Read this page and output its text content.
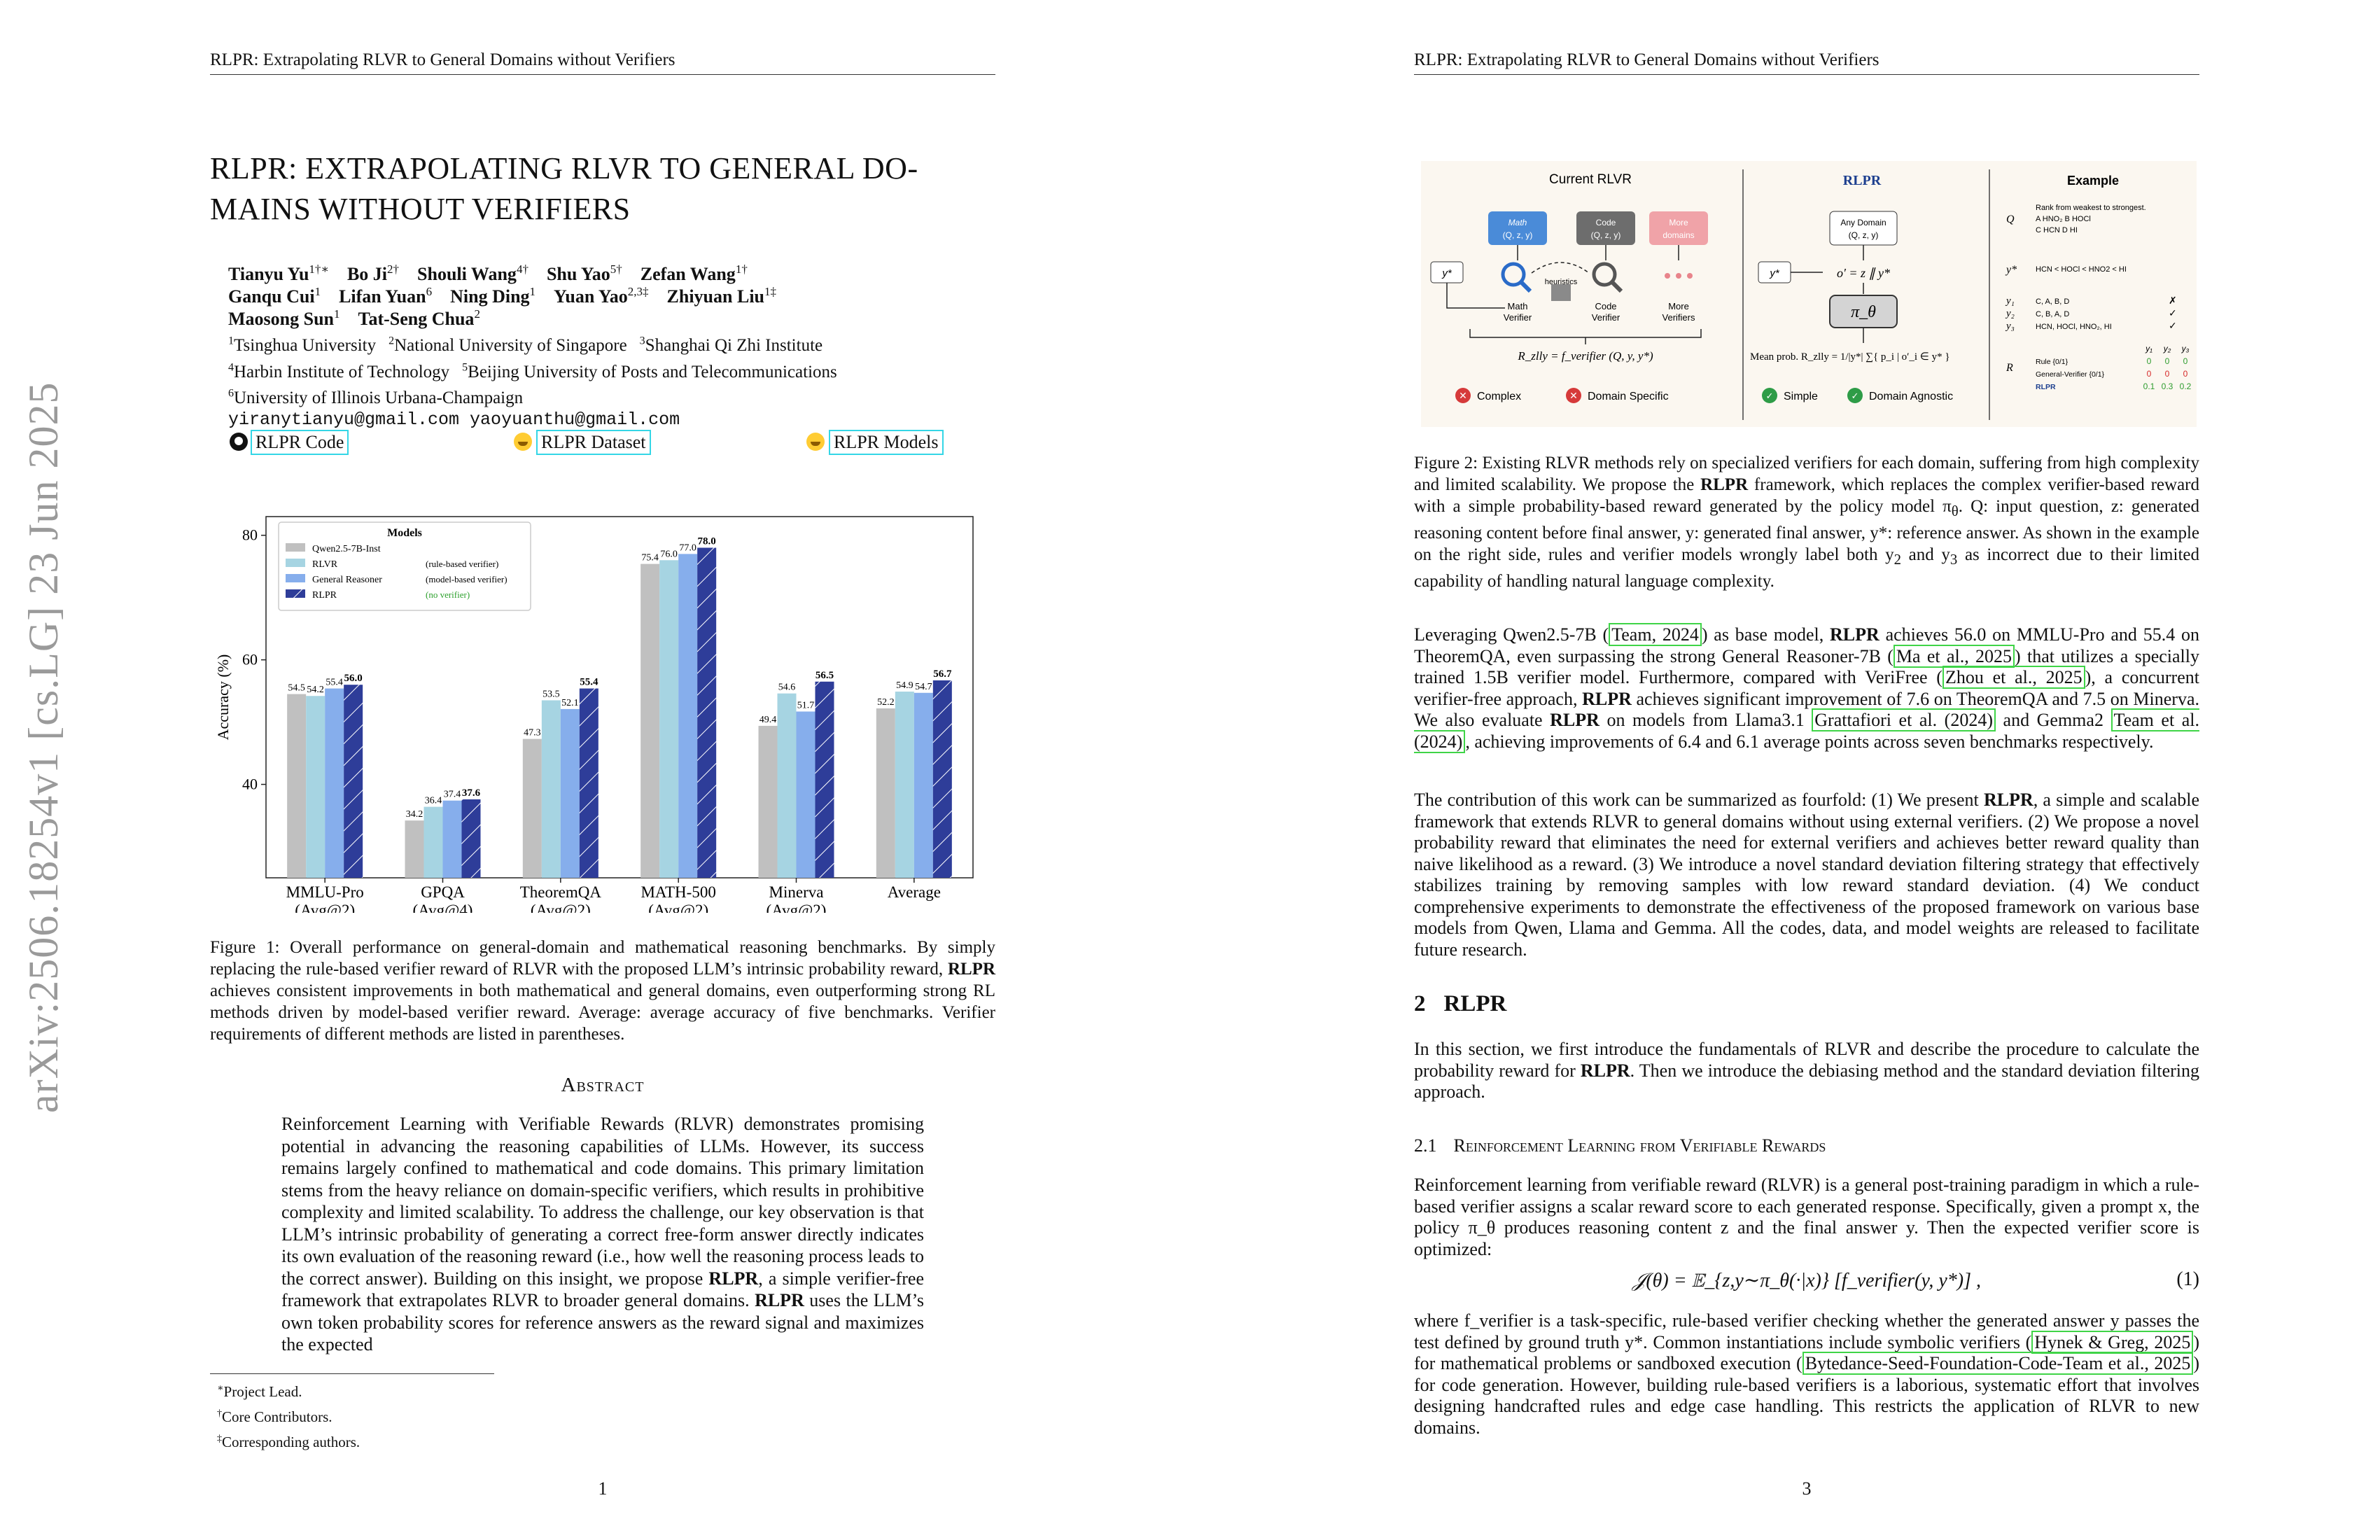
arXiv:2506.18254v1 [cs.LG] 23 Jun 2025
RLPR: Extrapolating RLVR to General Domains without Verifiers
RLPR: EXTRAPOLATING RLVR TO GENERAL DO-
MAINS WITHOUT VERIFIERS
Tianyu $Yu^{1\dagger∗}$ Bo $Ji^{2\dagger}$ Shouli Wang$^{4\dagger}$ Shu Yao$^{5\dagger}$ Zefan Wang$^{1\dagger}$
Ganqu Cui$^1$ Lifan Yuan$^6$ Ning Ding$^1$ Yuan Yao$^{2,3\ddagger}$ Zhiyuan Liu$^{1\ddagger}$
Maosong Sun$^1$ Tat-Seng Chua$^2$
$^1$Tsinghua University $^2$National University of Singapore $^3$Shanghai Qi Zhi Institute
$^4$Harbin Institute of Technology $^5$Beijing University of Posts and Telecommunications
$^6$University of Illinois Urbana-Champaign
yiranytianyu@gmail.com yaoyuanthu@gmail.com
RLPR Code	RLPR Dataset	RLPR Models
40
60
80
Accuracy (%)	54.5 54.2
55.4 56.0
MMLU-Pro
(Avg@2)
34.2
36.4
37.4 37.6
GPQA
(Avg@4)
47.3
53.5
52.1
55.4
TheoremQA
(Avg@2)
75.4 76.0
77.0
78.0
MATH-500
(Avg@2)
49.4
54.6
51.7
56.5
Minerva
(Avg@2)
52.2
54.9 54.7
56.7
Average
Models
Qwen2.5-7B-Inst
RLVR	(rule-based verifier)
General Reasoner	(model-based verifier)
RLPR	(no verifier)
Figure 1: Overall performance on general-domain and mathematical reasoning benchmarks. By simply replacing the rule-based verifier reward of RLVR with the proposed LLM’s intrinsic probability reward, RLPR achieves consistent improvements in both mathematical and general domains, even outperforming strong RL methods driven by model-based verifier reward. Average: average accuracy of five benchmarks. Verifier requirements of different methods are listed in parentheses.
Abstract
Reinforcement Learning with Verifiable Rewards (RLVR) demonstrates promising potential in advancing the reasoning capabilities of LLMs. However, its success remains largely confined to mathematical and code domains. This primary limitation stems from the heavy reliance on domain-specific verifiers, which results in prohibitive complexity and limited scalability. To address the challenge, our key observation is that LLM’s intrinsic probability of generating a correct free-form answer directly indicates its own evaluation of the reasoning reward (i.e., how well the reasoning process leads to the correct answer). Building on this insight, we propose RLPR, a simple verifier-free framework that extrapolates RLVR to broader general domains. RLPR uses the LLM’s own token probability scores for reference answers as the reward signal and maximizes the expected
∗Project Lead.
†Core Contributors.
‡Corresponding authors.
1
RLPR: Extrapolating RLVR to General Domains without Verifiers
Current RLVR
Math
(Q, z, y)
Code
(Q, z, y)
More
domains
y*
heuristics
Math
Verifier
Code
Verifier
More
Verifiers
R_zlly = f_verifier (Q, y, y*)
✕ Complex	✕ Domain Specific
RLPR
Any Domain
(Q, z, y)
y*	o′ = z ∥ y*
π_θ
Mean prob. R_zlly = 1/|y*| ∑{ p_i | o′_i ∈ y* }
✓ Simple	✓ Domain Agnostic
Example
Q
Rank from weakest to strongest.
A HNO₂ B HOCl
C HCN D HI
y* HCN < HOCl < HNO2 < HI
y₁	C, A, B, D	✗
y₂	C, B, A, D	✓
y₃	HCN, HOCl, HNO₂, HI	✓
R
y₁ y₂ y₃
Rule {0/1}	0 0 0
General-Verifier {0/1}	0 0 0
RLPR	0.1 0.3 0.2
Figure 2: Existing RLVR methods rely on specialized verifiers for each domain, suffering from high complexity and limited scalability. We propose the RLPR framework, which replaces the complex verifier-based reward with a simple probability-based reward generated by the policy model $\pi_\theta$. Q: input question, z: generated reasoning content before final answer, y: generated final answer, y*: reference answer. As shown in the example on the right side, rules and verifier models wrongly label both $y_2$ and $y_3$ as incorrect due to their limited capability of handling natural language complexity.
Leveraging Qwen2.5-7B ( Team, 2024 ) as base model, RLPR achieves 56.0 on MMLU-Pro and 55.4 on TheoremQA, even surpassing the strong General Reasoner-7B ( Ma et al., 2025 ) that utilizes a specially trained 1.5B verifier model. Furthermore, compared with VeriFree ( Zhou et al., 2025 ), a concurrent verifier-free approach, RLPR achieves significant improvement of 7.6 on TheoremQA and 7.5 on Minerva. We also evaluate RLPR on models from Llama3.1 Grattafiori et al. (2024) and Gemma2 Team et al. (2024) , achieving improvements of 6.4 and 6.1 average points across seven benchmarks respectively.
The contribution of this work can be summarized as fourfold: (1) We present RLPR, a simple and scalable framework that extends RLVR to general domains without using external verifiers. (2) We propose a novel probability reward that eliminates the need for external verifiers and achieves better reward quality than naive likelihood as a reward. (3) We introduce a novel standard deviation filtering strategy that effectively stabilizes training by removing samples with low reward standard deviation. (4) We conduct comprehensive experiments to demonstrate the effectiveness of the proposed framework on various base models from Qwen, Llama and Gemma. All the codes, data, and model weights are released to facilitate future research.
2 RLPR
In this section, we first introduce the fundamentals of RLVR and describe the procedure to calculate the probability reward for RLPR. Then we introduce the debiasing method and the standard deviation filtering approach.
2.1 Reinforcement Learning from Verifiable Rewards
Reinforcement learning from verifiable reward (RLVR) is a general post-training paradigm in which a rule-based verifier assigns a scalar reward score to each generated response. Specifically, given a prompt x, the policy π_θ produces reasoning content z and the final answer y. Then the expected verifier score is optimized:
𝒥(θ) = 𝔼_{z,y∼π_θ(·|x)} [f_verifier(y, y*)] ,	(1)
where f_verifier is a task-specific, rule-based verifier checking whether the generated answer y passes the test defined by ground truth y*. Common instantiations include symbolic verifiers ( Hynek & Greg, 2025 ) for mathematical problems or sandboxed execution ( Bytedance-Seed-Foundation-Code-Team et al., 2025 ) for code generation. However, building rule-based verifiers is a laborious, systematic effort that involves designing handcrafted rules and edge case handling. This restricts the application of RLVR to new domains.
3
